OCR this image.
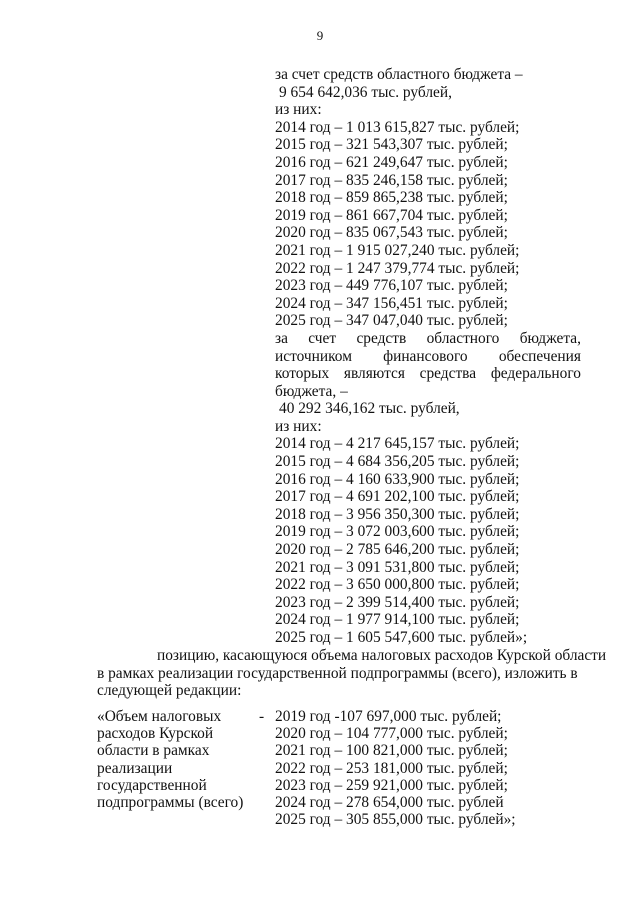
9
за счет средств областного бюджета –
9 654 642,036 тыс. рублей,
из них:
2014 год – 1 013 615,827 тыс. рублей;
2015 год – 321 543,307 тыс. рублей;
2016 год – 621 249,647 тыс. рублей;
2017 год – 835 246,158 тыс. рублей;
2018 год – 859 865,238 тыс. рублей;
2019 год – 861 667,704 тыс. рублей;
2020 год – 835 067,543 тыс. рублей;
2021 год – 1 915 027,240 тыс. рублей;
2022 год – 1 247 379,774 тыс. рублей;
2023 год – 449 776,107 тыс. рублей;
2024 год – 347 156,451 тыс. рублей;
2025 год – 347 047,040 тыс. рублей;
за счет средств областного бюджета,
источником финансового обеспечения
которых являются средства федерального
бюджета, –
40 292 346,162 тыс. рублей,
из них:
2014 год – 4 217 645,157 тыс. рублей;
2015 год – 4 684 356,205 тыс. рублей;
2016 год – 4 160 633,900 тыс. рублей;
2017 год – 4 691 202,100 тыс. рублей;
2018 год – 3 956 350,300 тыс. рублей;
2019 год – 3 072 003,600 тыс. рублей;
2020 год – 2 785 646,200 тыс. рублей;
2021 год – 3 091 531,800 тыс. рублей;
2022 год – 3 650 000,800 тыс. рублей;
2023 год – 2 399 514,400 тыс. рублей;
2024 год – 1 977 914,100 тыс. рублей;
2025 год – 1 605 547,600 тыс. рублей»;
позицию, касающуюся объема налоговых расходов Курской области
в рамках реализации государственной подпрограммы (всего), изложить в
следующей редакции:
«Объем налоговых
расходов Курской
области в рамках
реализации
государственной
подпрограммы (всего)
- 2019 год -107 697,000 тыс. рублей;
2020 год – 104 777,000 тыс. рублей;
2021 год – 100 821,000 тыс. рублей;
2022 год – 253 181,000 тыс. рублей;
2023 год – 259 921,000 тыс. рублей;
2024 год – 278 654,000 тыс. рублей
2025 год – 305 855,000 тыс. рублей»;
